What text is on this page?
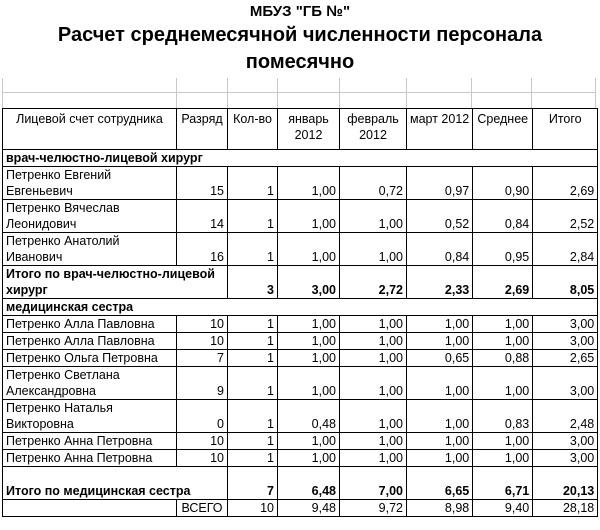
МБУЗ "ГБ №"
Расчет среднемесячной численности персонала
помесячно
Лицевой счет сотрудника	Разряд	Кол-во	январь 2012	февраль 2012	март 2012	Среднее	Итого
врач-челюстно-лицевой хирург							
Петренко Евгений Евгеньевич	15	1	1,00	0,72	0,97	0,90	2,69
Петренко Вячеслав Леонидович	14	1	1,00	1,00	0,52	0,84	2,52
Петренко Анатолий Иванович	16	1	1,00	1,00	0,84	0,95	2,84
Итого по врач-челюстно-лицевой хирург		3	3,00	2,72	2,33	2,69	8,05
медицинская сестра							
Петренко Алла Павловна	10	1	1,00	1,00	1,00	1,00	3,00
Петренко Алла Павловна	10	1	1,00	1,00	1,00	1,00	3,00
Петренко Ольга Петровна	7	1	1,00	1,00	0,65	0,88	2,65
Петренко Светлана Александровна	9	1	1,00	1,00	1,00	1,00	3,00
Петренко Наталья Викторовна	0	1	0,48	1,00	1,00	0,83	2,48
Петренко Анна Петровна	10	1	1,00	1,00	1,00	1,00	3,00
Петренко Анна Петровна	10	1	1,00	1,00	1,00	1,00	3,00
Итого по медицинская сестра		7	6,48	7,00	6,65	6,71	20,13
	ВСЕГО	10	9,48	9,72	8,98	9,40	28,18
